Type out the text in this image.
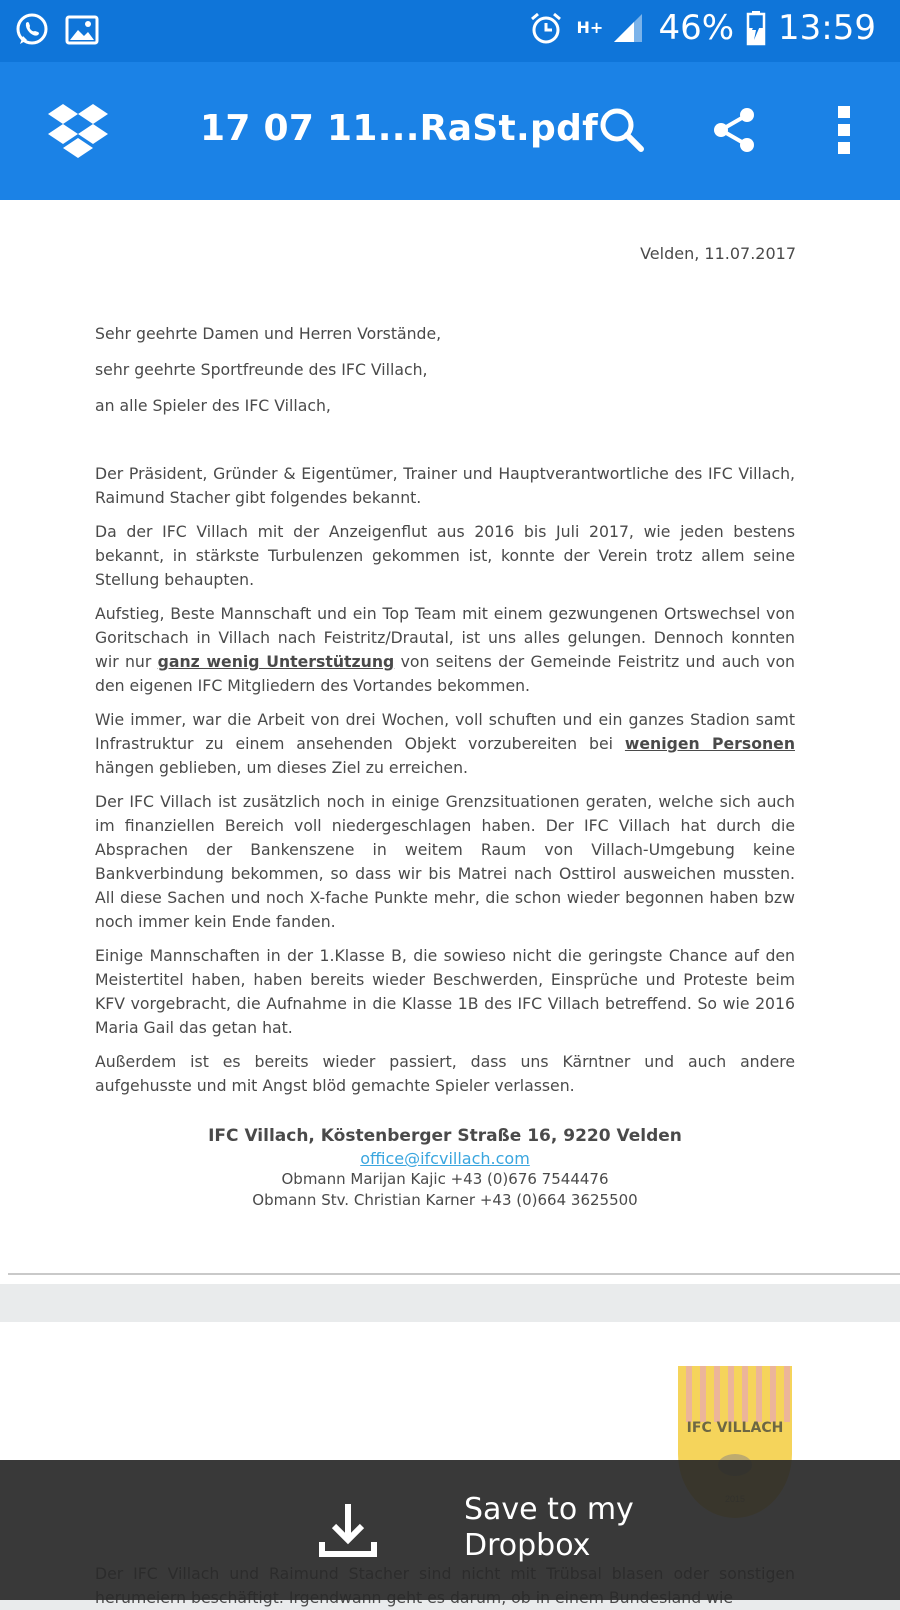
H+ 46% 13:59
17 07 11...RaSt.pdf
Velden, 11.07.2017
Sehr geehrte Damen und Herren Vorstände,
sehr geehrte Sportfreunde des IFC Villach,
an alle Spieler des IFC Villach,

Der Präsident, Gründer & Eigentümer, Trainer und Hauptverantwortliche des IFC Villach, Raimund Stacher gibt folgendes bekannt.

Da der IFC Villach mit der Anzeigenflut aus 2016 bis Juli 2017, wie jeden bestens bekannt, in stärkste Turbulenzen gekommen ist, konnte der Verein trotz allem seine Stellung behaupten.

Aufstieg, Beste Mannschaft und ein Top Team mit einem gezwungenen Ortswechsel von Goritschach in Villach nach Feistritz/Drautal, ist uns alles gelungen. Dennoch konnten wir nur ganz wenig Unterstützung von seitens der Gemeinde Feistritz und auch von den eigenen IFC Mitgliedern des Vortandes bekommen.

Wie immer, war die Arbeit von drei Wochen, voll schuften und ein ganzes Stadion samt Infrastruktur zu einem ansehenden Objekt vorzubereiten bei wenigen Personen hängen geblieben, um dieses Ziel zu erreichen.

Der IFC Villach ist zusätzlich noch in einige Grenzsituationen geraten, welche sich auch im finanziellen Bereich voll niedergeschlagen haben. Der IFC Villach hat durch die Absprachen der Bankenszene in weitem Raum von Villach-Umgebung keine Bankverbindung bekommen, so dass wir bis Matrei nach Osttirol ausweichen mussten. All diese Sachen und noch X-fache Punkte mehr, die schon wieder begonnen haben bzw noch immer kein Ende fanden.

Einige Mannschaften in der 1.Klasse B, die sowieso nicht die geringste Chance auf den Meistertitel haben, haben bereits wieder Beschwerden, Einsprüche und Proteste beim KFV vorgebracht, die Aufnahme in die Klasse 1B des IFC Villach betreffend. So wie 2016 Maria Gail das getan hat.

Außerdem ist es bereits wieder passiert, dass uns Kärntner und auch andere aufgehusste und mit Angst blöd gemachte Spieler verlassen.

IFC Villach, Köstenberger Straße 16, 9220 Velden
office@ifcvillach.com
Obmann Marijan Kajic +43 (0)676 7544476
Obmann Stv. Christian Karner +43 (0)664 3625500
IFC VILLACH
Save to my Dropbox
